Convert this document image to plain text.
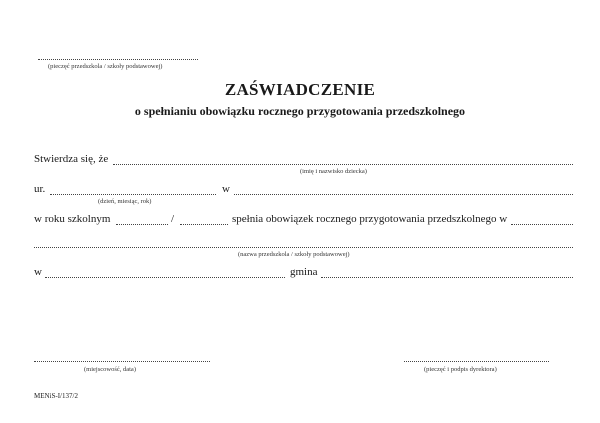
(pieczęć przedszkola / szkoły podstawowej)
ZAŚWIADCZENIE
o spełnianiu obowiązku rocznego przygotowania przedszkolnego
Stwierdza się, że
(imię i nazwisko dziecka)
ur.	w
(dzień, miesiąc, rok)
w roku szkolnym	/	spełnia obowiązek rocznego przygotowania przedszkolnego w
(nazwa przedszkola / szkoły podstawowej)
w	gmina
(miejscowość, data)	(pieczęć i podpis dyrektora)
MENiS-I/137/2
